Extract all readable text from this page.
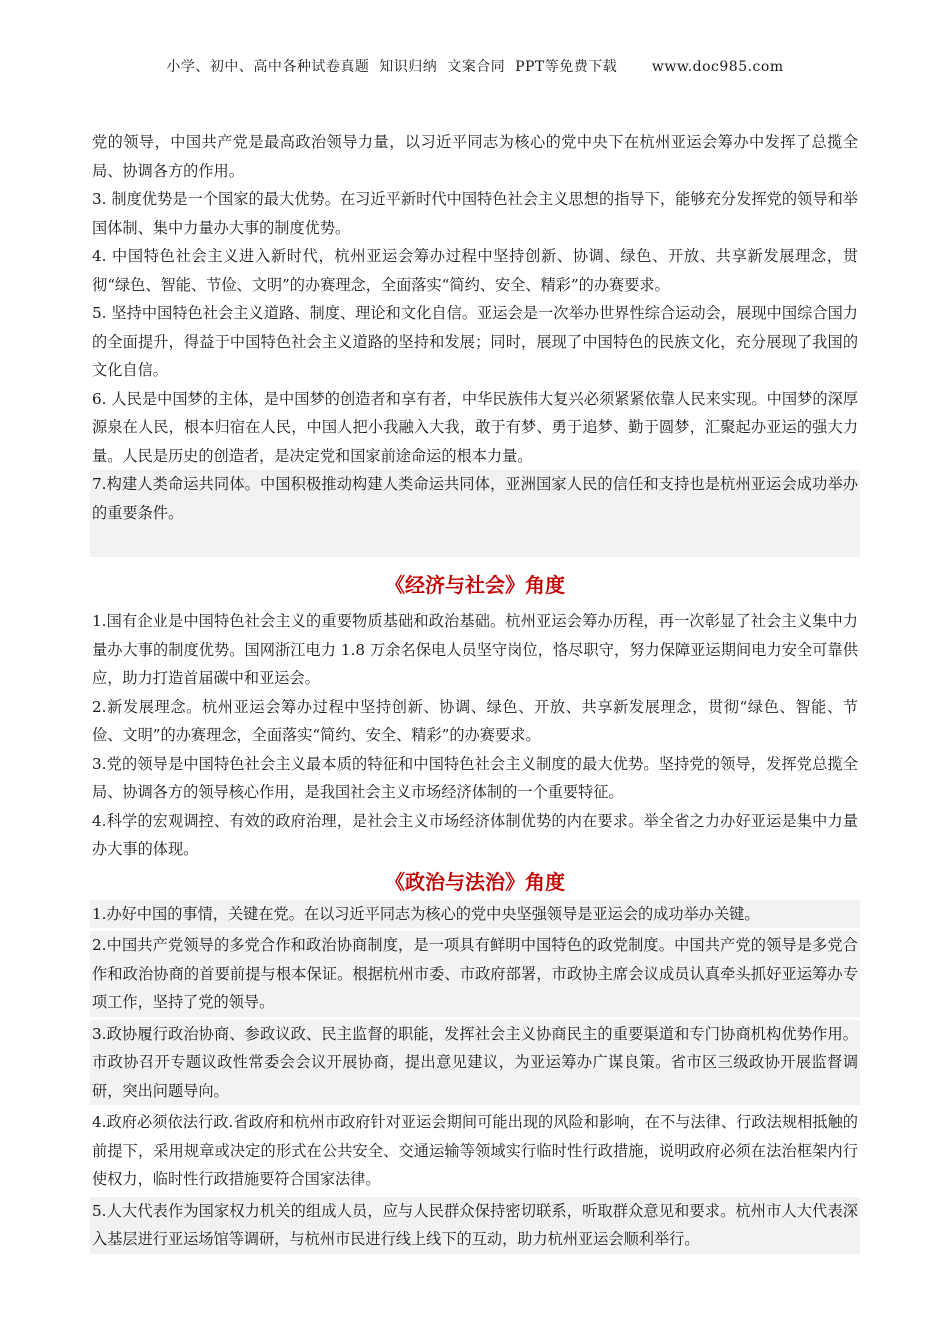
小学、初中、高中各种试卷真题  知识归纳  文案合同  PPT等免费下载       www.doc985.com

党的领导，中国共产党是最高政治领导力量，以习近平同志为核心的党中央下在杭州亚运会筹办中发挥了总揽全局、协调各方的作用。

3. 制度优势是一个国家的最大优势。在习近平新时代中国特色社会主义思想的指导下，能够充分发挥党的领导和举国体制、集中力量办大事的制度优势。

4. 中国特色社会主义进入新时代，杭州亚运会筹办过程中坚持创新、协调、绿色、开放、共享新发展理念，贯彻“绿色、智能、节俭、文明”的办赛理念，全面落实“简约、安全、精彩”的办赛要求。

5. 坚持中国特色社会主义道路、制度、理论和文化自信。亚运会是一次举办世界性综合运动会，展现中国综合国力的全面提升，得益于中国特色社会主义道路的坚持和发展；同时，展现了中国特色的民族文化，充分展现了我国的文化自信。

6. 人民是中国梦的主体，是中国梦的创造者和享有者，中华民族伟大复兴必须紧紧依靠人民来实现。中国梦的深厚源泉在人民，根本归宿在人民，中国人把小我融入大我，敢于有梦、勇于追梦、勤于圆梦，汇聚起办亚运的强大力量。人民是历史的创造者，是决定党和国家前途命运的根本力量。

7.构建人类命运共同体。中国积极推动构建人类命运共同体，亚洲国家人民的信任和支持也是杭州亚运会成功举办的重要条件。

《经济与社会》角度

1.国有企业是中国特色社会主义的重要物质基础和政治基础。杭州亚运会筹办历程，再一次彰显了社会主义集中力量办大事的制度优势。国网浙江电力 1.8 万余名保电人员坚守岗位，恪尽职守，努力保障亚运期间电力安全可靠供应，助力打造首届碳中和亚运会。

2.新发展理念。杭州亚运会筹办过程中坚持创新、协调、绿色、开放、共享新发展理念，贯彻“绿色、智能、节俭、文明”的办赛理念，全面落实“简约、安全、精彩”的办赛要求。

3.党的领导是中国特色社会主义最本质的特征和中国特色社会主义制度的最大优势。坚持党的领导，发挥党总揽全局、协调各方的领导核心作用，是我国社会主义市场经济体制的一个重要特征。

4.科学的宏观调控、有效的政府治理，是社会主义市场经济体制优势的内在要求。举全省之力办好亚运是集中力量办大事的体现。

《政治与法治》角度

1.办好中国的事情，关键在党。在以习近平同志为核心的党中央坚强领导是亚运会的成功举办关键。

2.中国共产党领导的多党合作和政治协商制度，是一项具有鲜明中国特色的政党制度。中国共产党的领导是多党合作和政治协商的首要前提与根本保证。根据杭州市委、市政府部署，市政协主席会议成员认真牵头抓好亚运筹办专项工作，坚持了党的领导。

3.政协履行政治协商、参政议政、民主监督的职能，发挥社会主义协商民主的重要渠道和专门协商机构优势作用。市政协召开专题议政性常委会会议开展协商，提出意见建议，为亚运筹办广谋良策。省市区三级政协开展监督调研，突出问题导向。

4.政府必须依法行政.省政府和杭州市政府针对亚运会期间可能出现的风险和影响，在不与法律、行政法规相抵触的前提下，采用规章或决定的形式在公共安全、交通运输等领域实行临时性行政措施，说明政府必须在法治框架内行使权力，临时性行政措施要符合国家法律。

5.人大代表作为国家权力机关的组成人员，应与人民群众保持密切联系，听取群众意见和要求。杭州市人大代表深入基层进行亚运场馆等调研，与杭州市民进行线上线下的互动，助力杭州亚运会顺利举行。
